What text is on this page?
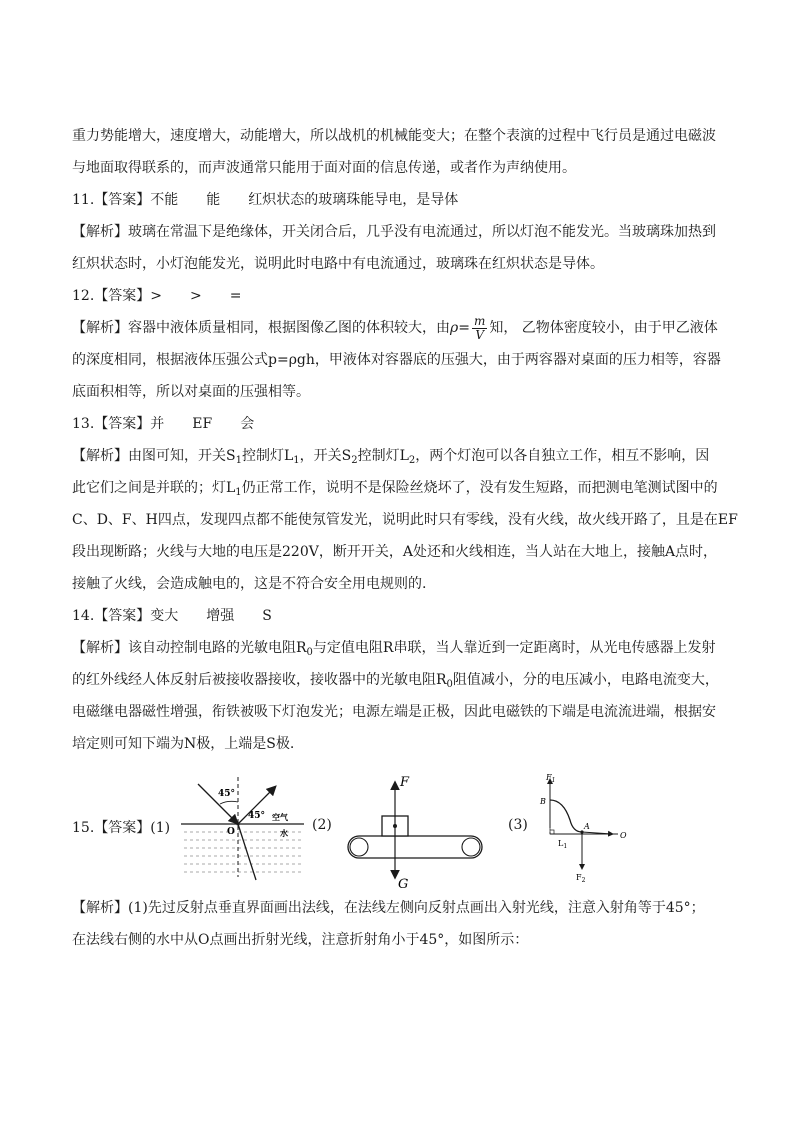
重力势能增大，速度增大，动能增大，所以战机的机械能变大；在整个表演的过程中飞行员是通过电磁波
与地面取得联系的，而声波通常只能用于面对面的信息传递，或者作为声纳使用。
11.【答案】不能 能 红炽状态的玻璃珠能导电，是导体
【解析】玻璃在常温下是绝缘体，开关闭合后，几乎没有电流通过，所以灯泡不能发光。当玻璃珠加热到
红炽状态时，小灯泡能发光，说明此时电路中有电流通过，玻璃珠在红炽状态是导体。
12.【答案】> > =
【解析】容器中液体质量相同，根据图像乙图的体积较大，由$\rho= \frac{m}{V}$ 知， 乙物体密度较小，由于甲乙液体
的深度相同，根据液体压强公式p=ρgh，甲液体对容器底的压强大，由于两容器对桌面的压力相等，容器
底面积相等，所以对桌面的压强相等。
13.【答案】并 EF 会
【解析】由图可知，开关$S_1$控制灯$L_1$，开关$S_2$控制灯$L_2$，两个灯泡可以各自独立工作，相互不影响，因
此它们之间是并联的；灯$L_1$仍正常工作，说明不是保险丝烧坏了，没有发生短路，而把测电笔测试图中的
C、D、F、H四点，发现四点都不能使氖管发光，说明此时只有零线，没有火线，故火线开路了，且是在EF
段出现断路；火线与大地的电压是220V，断开开关，A处还和火线相连，当人站在大地上，接触A点时，
接触了火线，会造成触电的，这是不符合安全用电规则的.
14.【答案】变大 增强 S
【解析】该自动控制电路的光敏电阻$R_0$与定值电阻R串联，当人靠近到一定距离时，从光电传感器上发射
的红外线经人体反射后被接收器接收，接收器中的光敏电阻$R_0$阻值减小，分的电压减小，电路电流变大，
电磁继电器磁性增强，衔铁被吸下灯泡发光；电源左端是正极，因此电磁铁的下端是电流流进端，根据安
培定则可知下端为N极，上端是S极.
15.【答案】(1)
45°
45° 空气
水
O	(2)
F
G
(3)
$F_1$
B
A
O
$L_1$
$F_2$
【解析】(1)先过反射点垂直界面画出法线，在法线左侧向反射点画出入射光线，注意入射角等于45°；
在法线右侧的水中从O点画出折射光线，注意折射角小于45°，如图所示：
